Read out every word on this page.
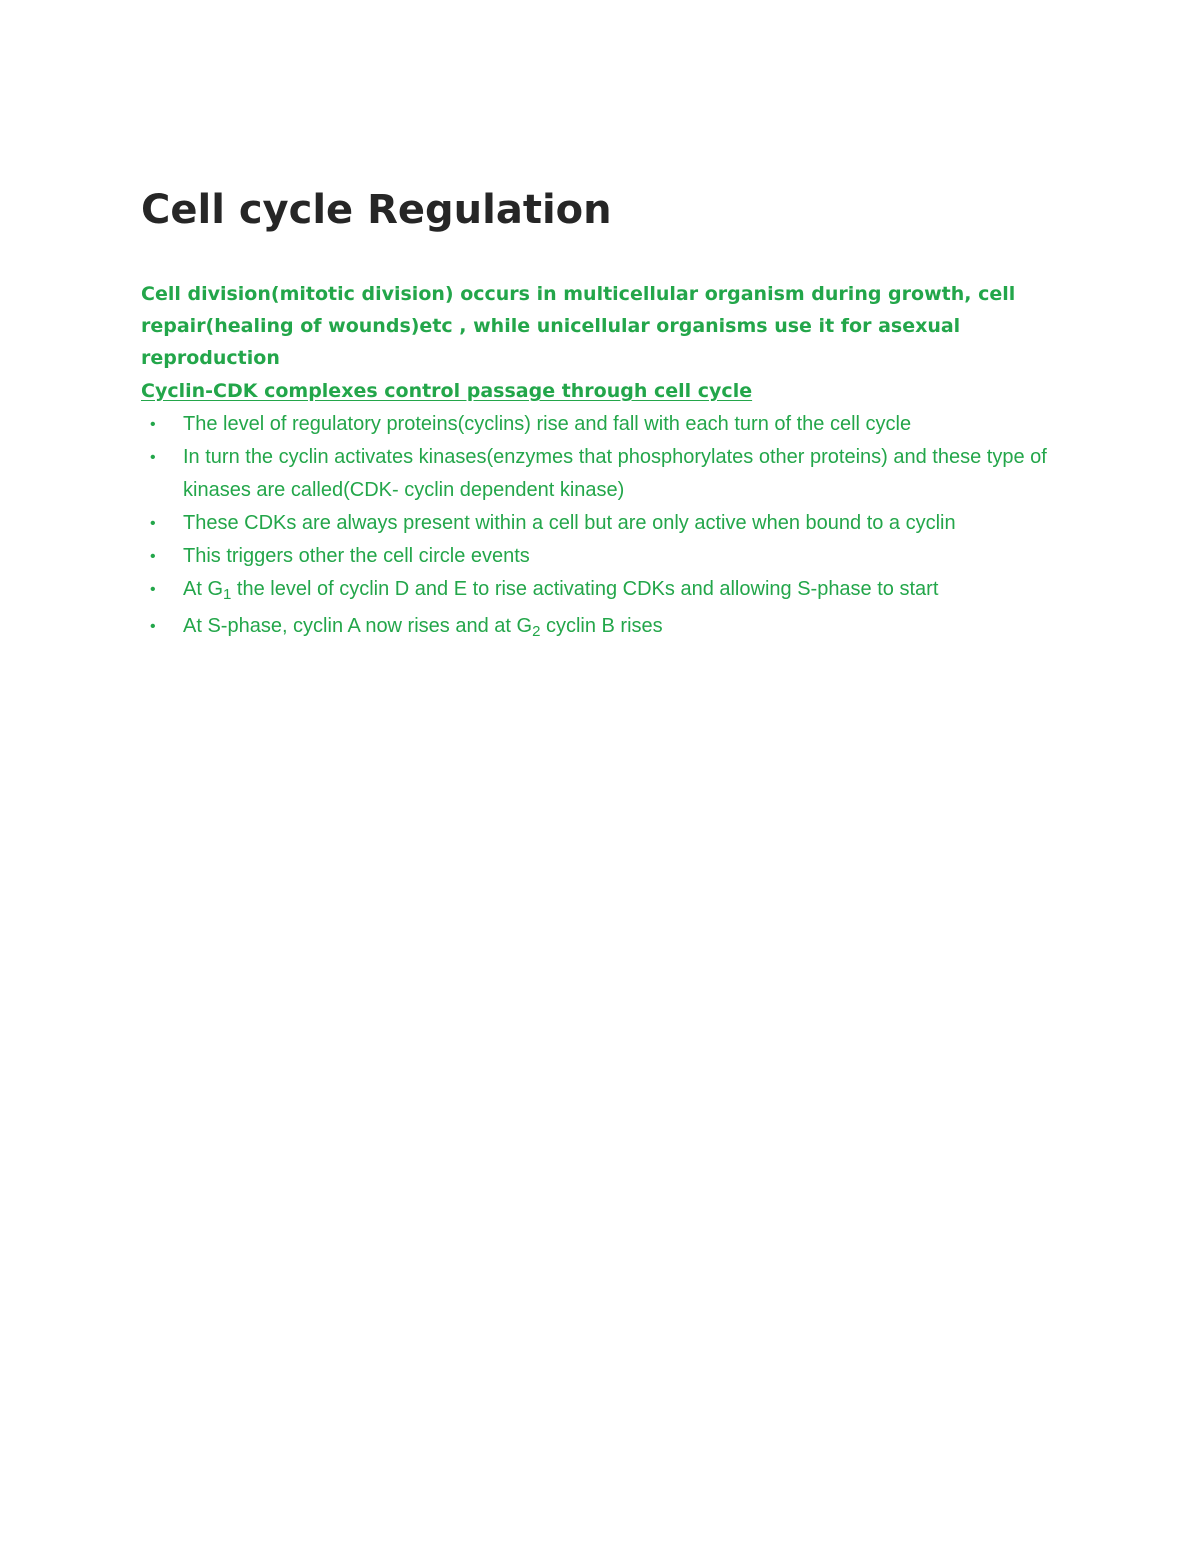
Cell cycle Regulation

Cell division(mitotic division) occurs in multicellular organism during growth, cell repair(healing of wounds)etc , while unicellular organisms use it for asexual reproduction

Cyclin-CDK complexes control passage through cell cycle

• The level of regulatory proteins(cyclins) rise and fall with each turn of the cell cycle
• In turn the cyclin activates kinases(enzymes that phosphorylates other proteins) and these type of kinases are called(CDK- cyclin dependent kinase)
• These CDKs are always present within a cell but are only active when bound to a cyclin
• This triggers other the cell circle events
• At $G_1$ the level of cyclin D and E to rise activating CDKs and allowing S-phase to start
• At S-phase, cyclin A now rises and at $G_2$ cyclin B rises
